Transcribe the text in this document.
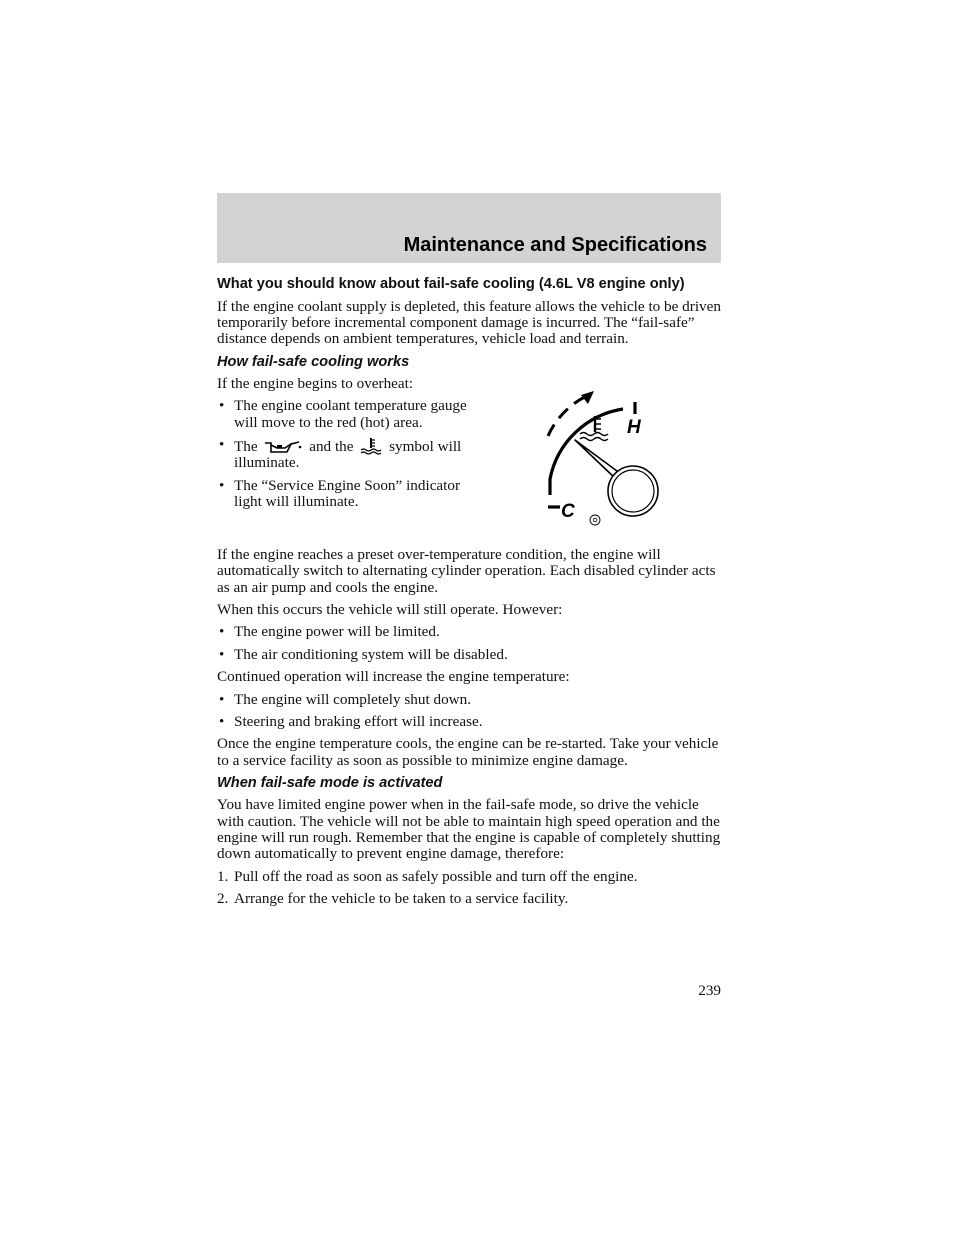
Maintenance and Specifications
What you should know about fail-safe cooling (4.6L V8 engine only)

If the engine coolant supply is depleted, this feature allows the vehicle to be driven temporarily before incremental component damage is incurred. The “fail-safe” distance depends on ambient temperatures, vehicle load and terrain.

How fail-safe cooling works

If the engine begins to overheat:

• The engine coolant temperature gauge will move to the red (hot) area.
• The	and the symbol will illuminate.
• The “Service Engine Soon” indicator light will illuminate.
H
C

If the engine reaches a preset over-temperature condition, the engine will automatically switch to alternating cylinder operation. Each disabled cylinder acts as an air pump and cools the engine.

When this occurs the vehicle will still operate. However:

• The engine power will be limited.
• The air conditioning system will be disabled.

Continued operation will increase the engine temperature:

• The engine will completely shut down.
• Steering and braking effort will increase.

Once the engine temperature cools, the engine can be re-started. Take your vehicle to a service facility as soon as possible to minimize engine damage.

When fail-safe mode is activated

You have limited engine power when in the fail-safe mode, so drive the vehicle with caution. The vehicle will not be able to maintain high speed operation and the engine will run rough. Remember that the engine is capable of completely shutting down automatically to prevent engine damage, therefore:

1. Pull off the road as soon as safely possible and turn off the engine.
2. Arrange for the vehicle to be taken to a service facility.
239
